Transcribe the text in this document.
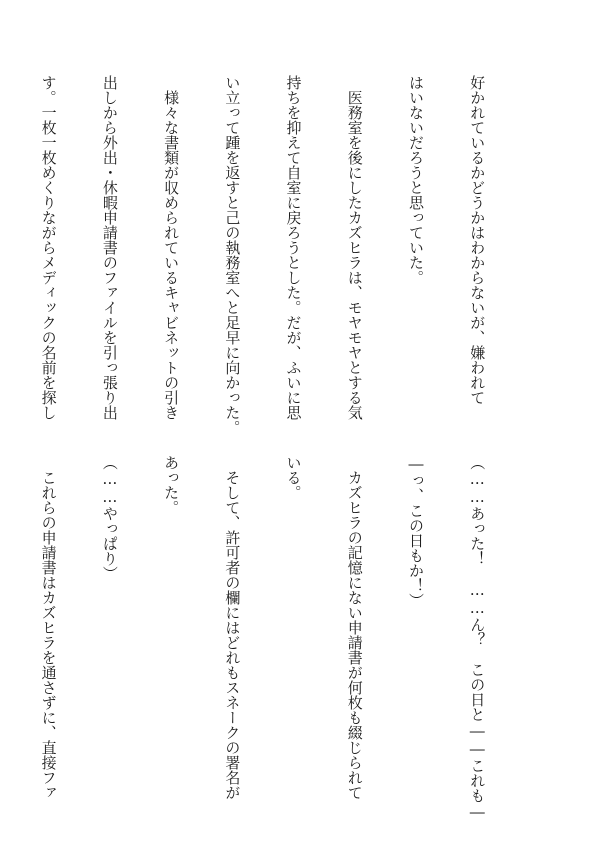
好かれているかどうかはわからないが、嫌われて

はいないだろうと思っていた。

　医務室を後にしたカズヒラは、モヤモヤとする気

持ちを抑えて自室に戻ろうとした。だが、ふいに思

い立って踵を返すと己の執務室へと足早に向かった。

　様々な書類が収められているキャビネットの引き

出しから外出・休暇申請書のファイルを引っ張り出

す。一枚一枚めくりながらメディックの名前を探し

（……あった！　……ん？　この日と――これも―

―っ、この日もか！）

　カズヒラの記憶にない申請書が何枚も綴じられて

いる。

　そして、許可者の欄にはどれもスネークの署名が

あった。

（……やっぱり）

　これらの申請書はカズヒラを通さずに、直接ファ
